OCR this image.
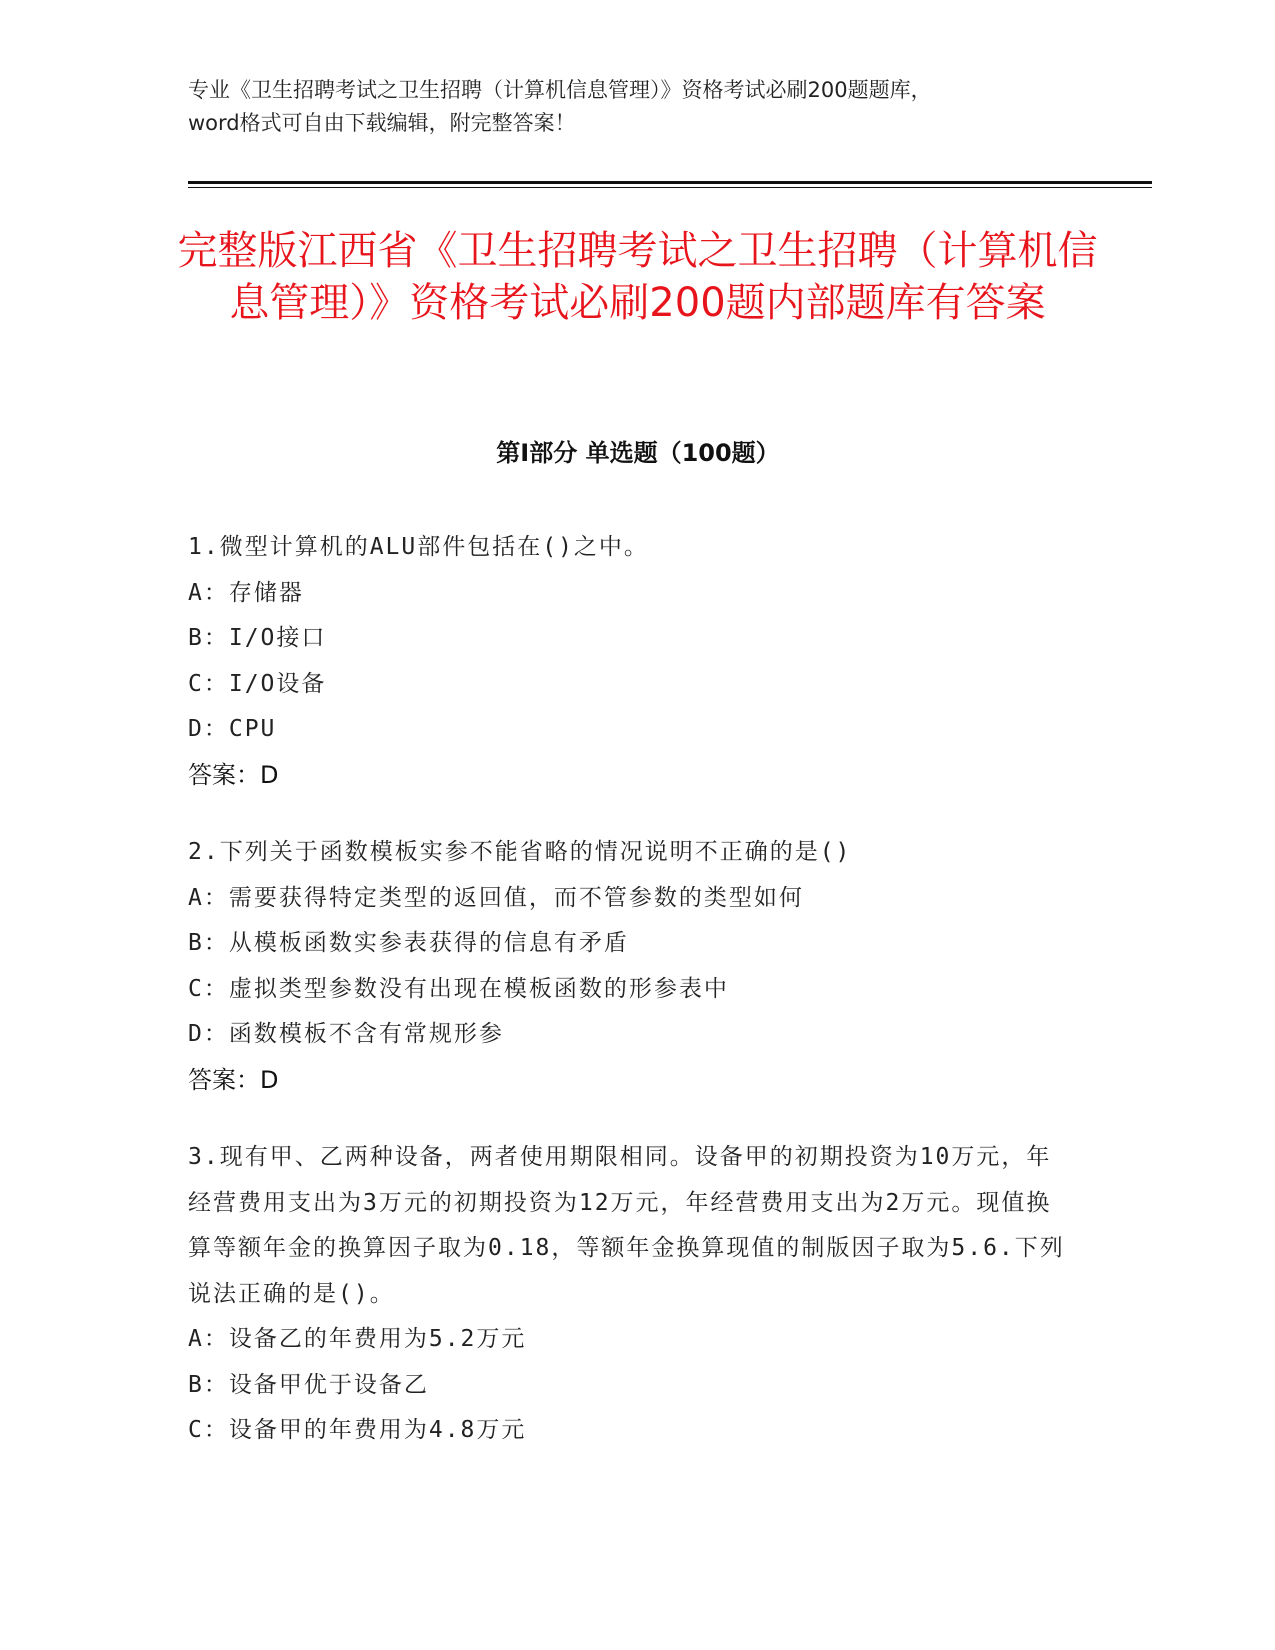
专业《卫生招聘考试之卫生招聘（计算机信息管理）》资格考试必刷200题题库，
word格式可自由下载编辑，附完整答案！
完整版江西省《卫生招聘考试之卫生招聘（计算机信息管理）》资格考试必刷200题内部题库有答案
第Ⅰ部分 单选题（100题）

1.微型计算机的ALU部件包括在()之中。

A：存储器

B：I/O接口

C：I/O设备

D：CPU

答案：D

2.下列关于函数模板实参不能省略的情况说明不正确的是()

A：需要获得特定类型的返回值，而不管参数的类型如何

B：从模板函数实参表获得的信息有矛盾

C：虚拟类型参数没有出现在模板函数的形参表中

D：函数模板不含有常规形参

答案：D

3.现有甲、乙两种设备，两者使用期限相同。设备甲的初期投资为10万元，年经营费用支出为3万元的初期投资为12万元，年经营费用支出为2万元。现值换算等额年金的换算因子取为0.18，等额年金换算现值的制版因子取为5.6.下列说法正确的是()。

A：设备乙的年费用为5.2万元

B：设备甲优于设备乙

C：设备甲的年费用为4.8万元
